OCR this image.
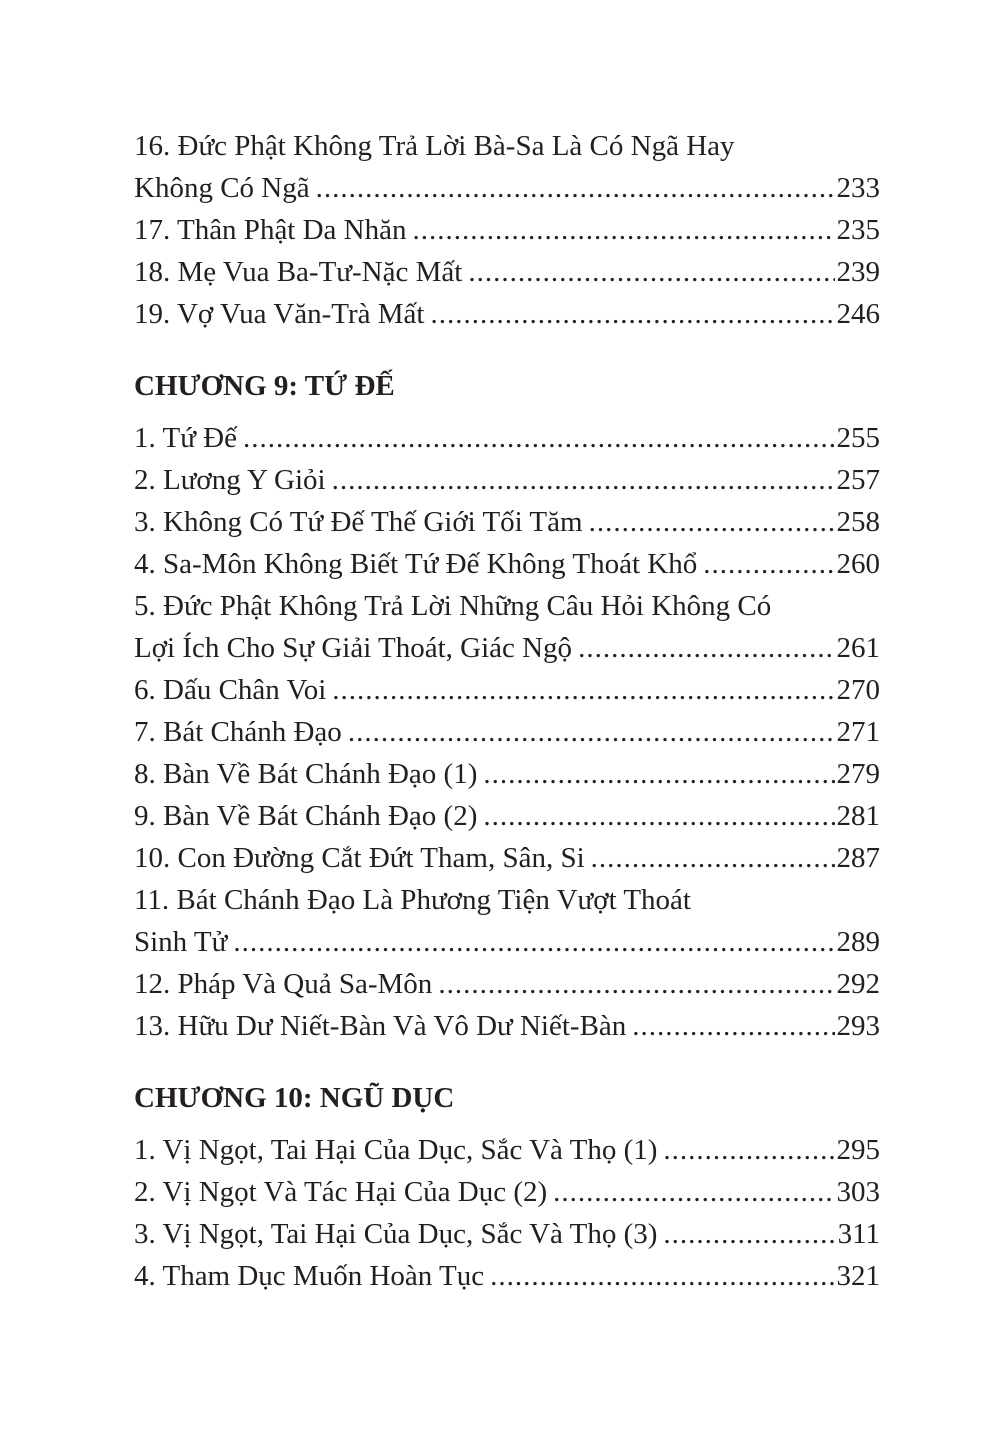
16. Đức Phật Không Trả Lời Bà-Sa Là Có Ngã Hay
Không Có Ngã .....	233
17. Thân Phật Da Nhăn .....	235
18. Mẹ Vua Ba-Tư-Nặc Mất .....	239
19. Vợ Vua Văn-Trà Mất .....	246
CHƯƠNG 9: TỨ ĐẾ
1. Tứ Đế .....	255
2. Lương Y Giỏi .....	257
3. Không Có Tứ Đế Thế Giới Tối Tăm .....	258
4. Sa-Môn Không Biết Tứ Đế Không Thoát Khổ .....	260
5. Đức Phật Không Trả Lời Những Câu Hỏi Không Có
Lợi Ích Cho Sự Giải Thoát, Giác Ngộ .....	261
6. Dấu Chân Voi .....	270
7. Bát Chánh Đạo .....	271
8. Bàn Về Bát Chánh Đạo (1) .....	279
9. Bàn Về Bát Chánh Đạo (2) .....	281
10. Con Đường Cắt Đứt Tham, Sân, Si .....	287
11. Bát Chánh Đạo Là Phương Tiện Vượt Thoát
Sinh Tử .....	289
12. Pháp Và Quả Sa-Môn .....	292
13. Hữu Dư Niết-Bàn Và Vô Dư Niết-Bàn .....	293
CHƯƠNG 10: NGŨ DỤC
1. Vị Ngọt, Tai Hại Của Dục, Sắc Và Thọ (1) .....	295
2. Vị Ngọt Và Tác Hại Của Dục (2) .....	303
3. Vị Ngọt, Tai Hại Của Dục, Sắc Và Thọ (3) .....	311
4. Tham Dục Muốn Hoàn Tục .....	321
